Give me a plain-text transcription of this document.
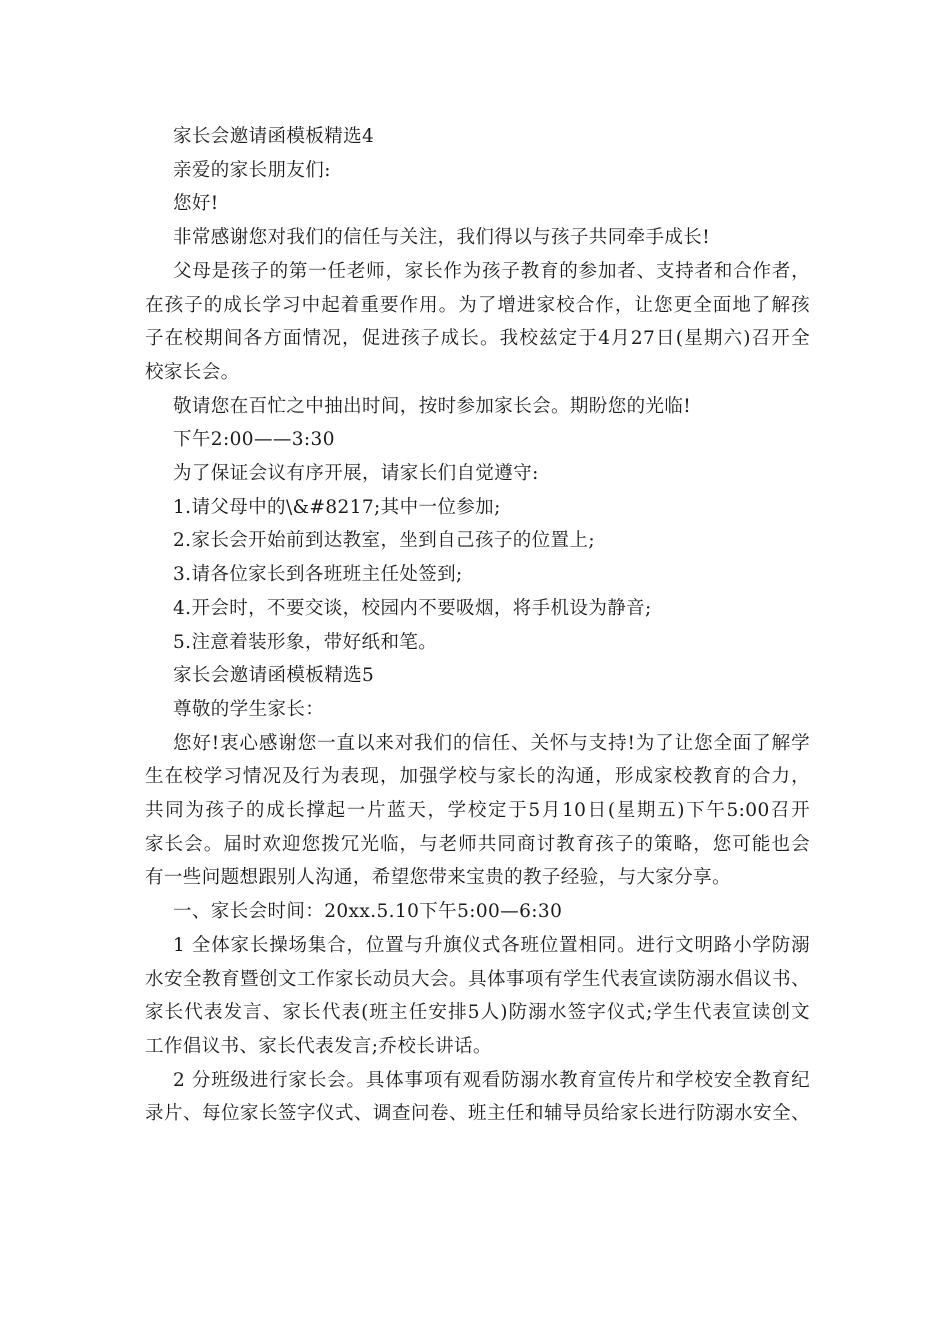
家长会邀请函模板精选4

亲爱的家长朋友们:

您好!

非常感谢您对我们的信任与关注，我们得以与孩子共同牵手成长!

父母是孩子的第一任老师，家长作为孩子教育的参加者、支持者和合作者，

在孩子的成长学习中起着重要作用。为了增进家校合作，让您更全面地了解孩

子在校期间各方面情况，促进孩子成长。我校兹定于4月27日(星期六)召开全

校家长会。

敬请您在百忙之中抽出时间，按时参加家长会。期盼您的光临!

下午2:00——3:30

为了保证会议有序开展，请家长们自觉遵守:

1.请父母中的\&#8217;其中一位参加;

2.家长会开始前到达教室，坐到自己孩子的位置上;

3.请各位家长到各班班主任处签到;

4.开会时，不要交谈，校园内不要吸烟，将手机设为静音;

5.注意着装形象，带好纸和笔。

家长会邀请函模板精选5

尊敬的学生家长：

您好!衷心感谢您一直以来对我们的信任、关怀与支持!为了让您全面了解学

生在校学习情况及行为表现，加强学校与家长的沟通，形成家校教育的合力，

共同为孩子的成长撑起一片蓝天，学校定于5月10日(星期五)下午5:00召开

家长会。届时欢迎您拨冗光临，与老师共同商讨教育孩子的策略，您可能也会

有一些问题想跟别人沟通，希望您带来宝贵的教子经验，与大家分享。

一、家长会时间：20xx.5.10下午5:00—6:30

1 全体家长操场集合，位置与升旗仪式各班位置相同。进行文明路小学防溺

水安全教育暨创文工作家长动员大会。具体事项有学生代表宣读防溺水倡议书、

家长代表发言、家长代表(班主任安排5人)防溺水签字仪式;学生代表宣读创文

工作倡议书、家长代表发言;乔校长讲话。

2 分班级进行家长会。具体事项有观看防溺水教育宣传片和学校安全教育纪

录片、每位家长签字仪式、调查问卷、班主任和辅导员给家长进行防溺水安全、
